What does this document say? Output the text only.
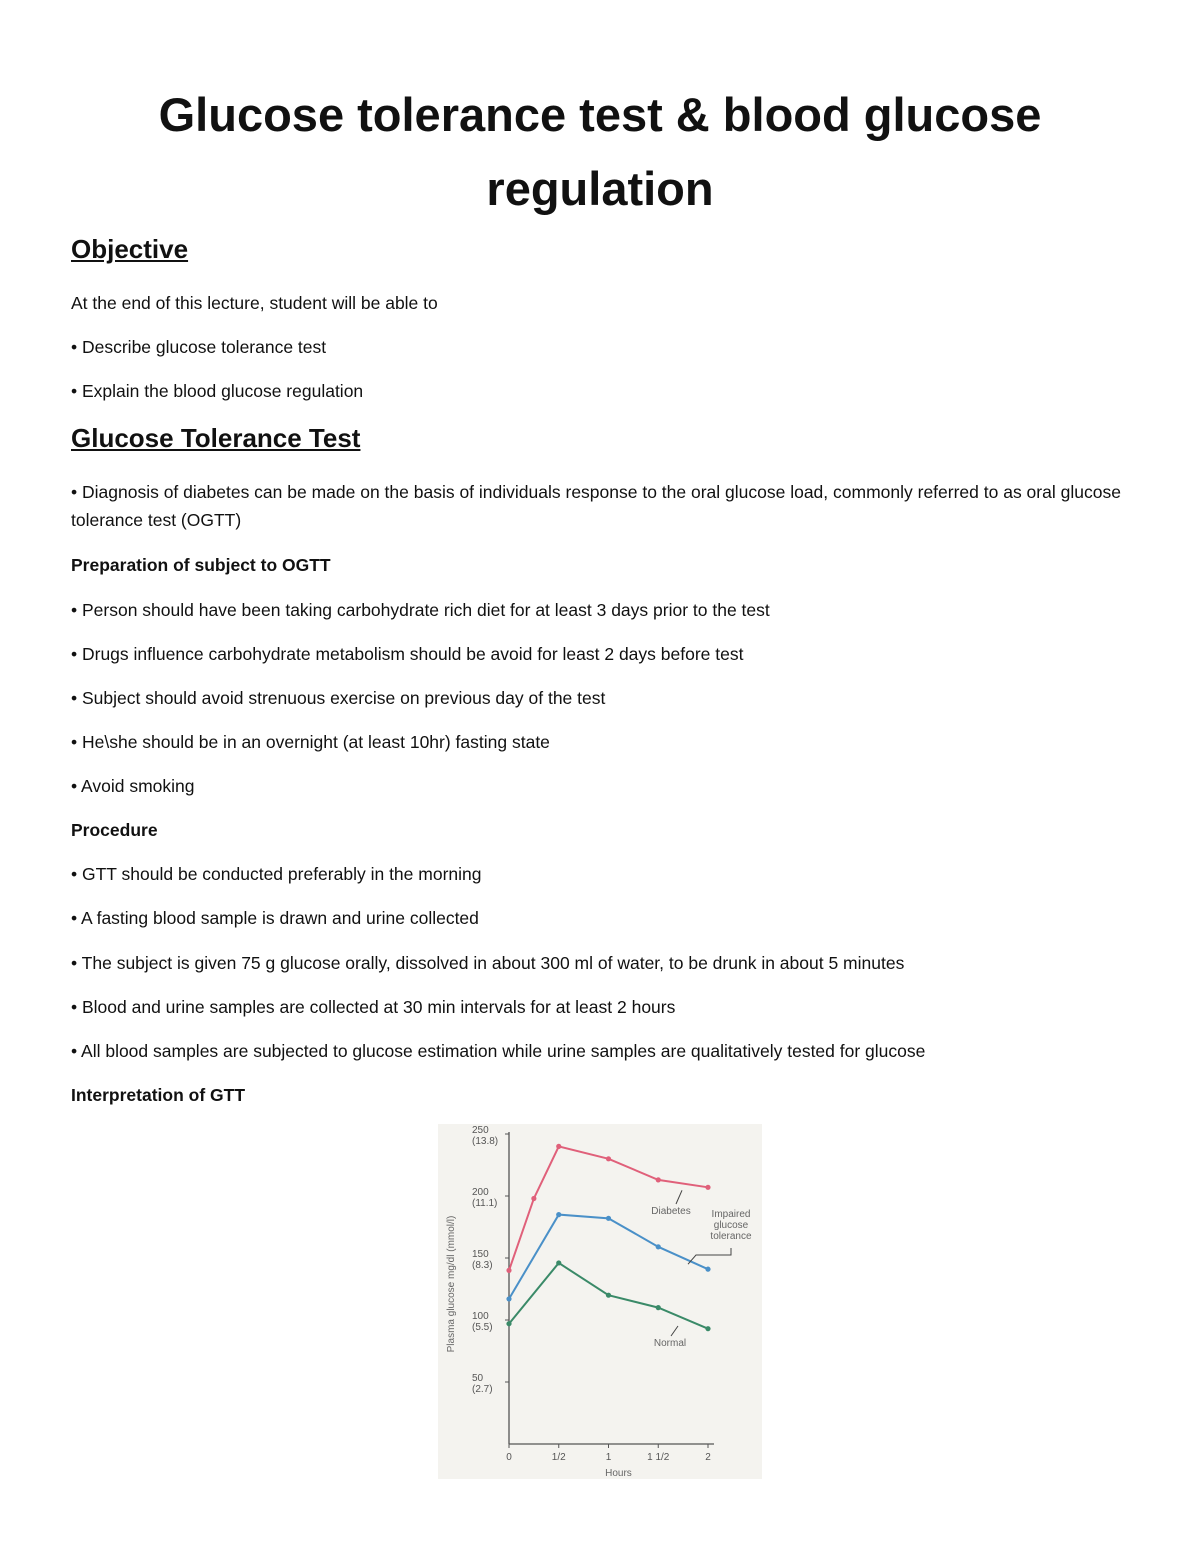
Glucose tolerance test & blood glucose regulation
Objective

At the end of this lecture, student will be able to

• Describe glucose tolerance test

• Explain the blood glucose regulation

Glucose Tolerance Test

• Diagnosis of diabetes can be made on the basis of individuals response to the oral glucose load, commonly referred to as oral glucose tolerance test (OGTT)

Preparation of subject to OGTT

• Person should have been taking carbohydrate rich diet for at least 3 days prior to the test

• Drugs influence carbohydrate metabolism should be avoid for least 2 days before test

• Subject should avoid strenuous exercise on previous day of the test

• He\she should be in an overnight (at least 10hr) fasting state

• Avoid smoking

Procedure

• GTT should be conducted preferably in the morning

• A fasting blood sample is drawn and urine collected

• The subject is given 75 g glucose orally, dissolved in about 300 ml of water, to be drunk in about 5 minutes

• Blood and urine samples are collected at 30 min intervals for at least 2 hours

• All blood samples are subjected to glucose estimation while urine samples are qualitatively tested for glucose

Interpretation of GTT

50
(2.7)
100
(5.5)
150
(8.3)
200
(11.1)
250
(13.8)
0	1/2	1	1 1/2	2
Hours
Plasma glucose mg/dl (mmol/l)
Diabetes Impaired glucose tolerance
Normal
